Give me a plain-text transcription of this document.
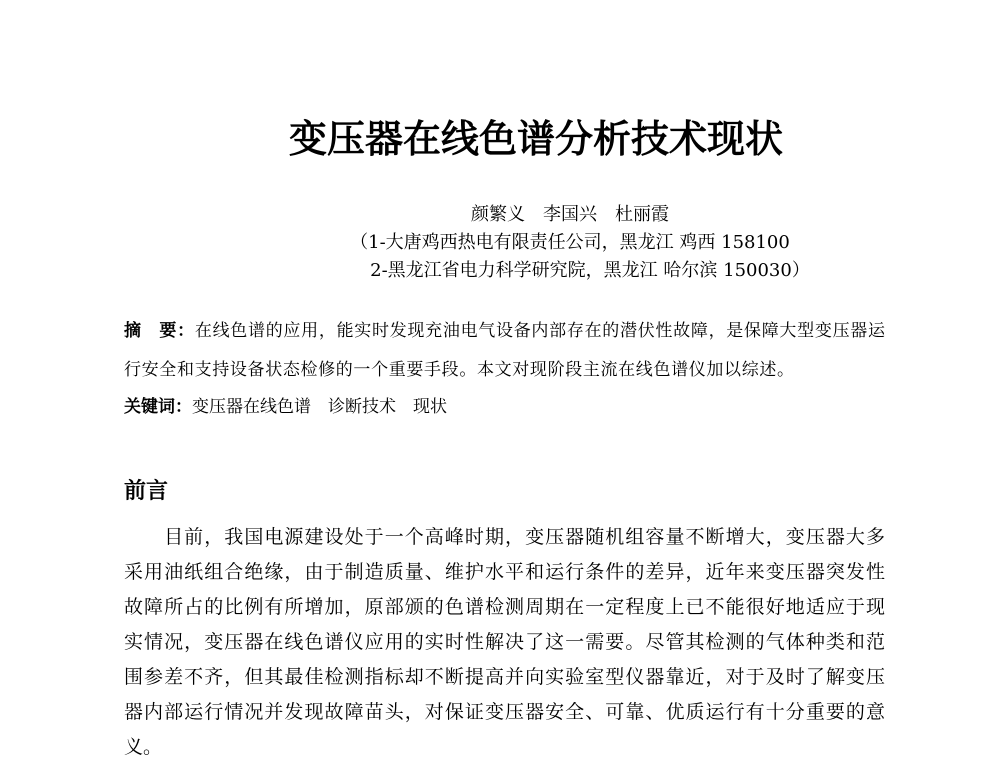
变压器在线色谱分析技术现状
颜繁义　李国兴　杜丽霞
（1-大唐鸡西热电有限责任公司，黑龙江 鸡西 158100
2-黑龙江省电力科学研究院，黑龙江 哈尔滨 150030）
摘　要：在线色谱的应用，能实时发现充油电气设备内部存在的潜伏性故障，是保障大型变压器运
行安全和支持设备状态检修的一个重要手段。本文对现阶段主流在线色谱仪加以综述。
关键词：变压器在线色谱　诊断技术　现状
前言
　　目前，我国电源建设处于一个高峰时期，变压器随机组容量不断增大，变压器大多
采用油纸组合绝缘，由于制造质量、维护水平和运行条件的差异，近年来变压器突发性
故障所占的比例有所增加，原部颁的色谱检测周期在一定程度上已不能很好地适应于现
实情况，变压器在线色谱仪应用的实时性解决了这一需要。尽管其检测的气体种类和范
围参差不齐，但其最佳检测指标却不断提高并向实验室型仪器靠近，对于及时了解变压
器内部运行情况并发现故障苗头，对保证变压器安全、可靠、优质运行有十分重要的意
义。
